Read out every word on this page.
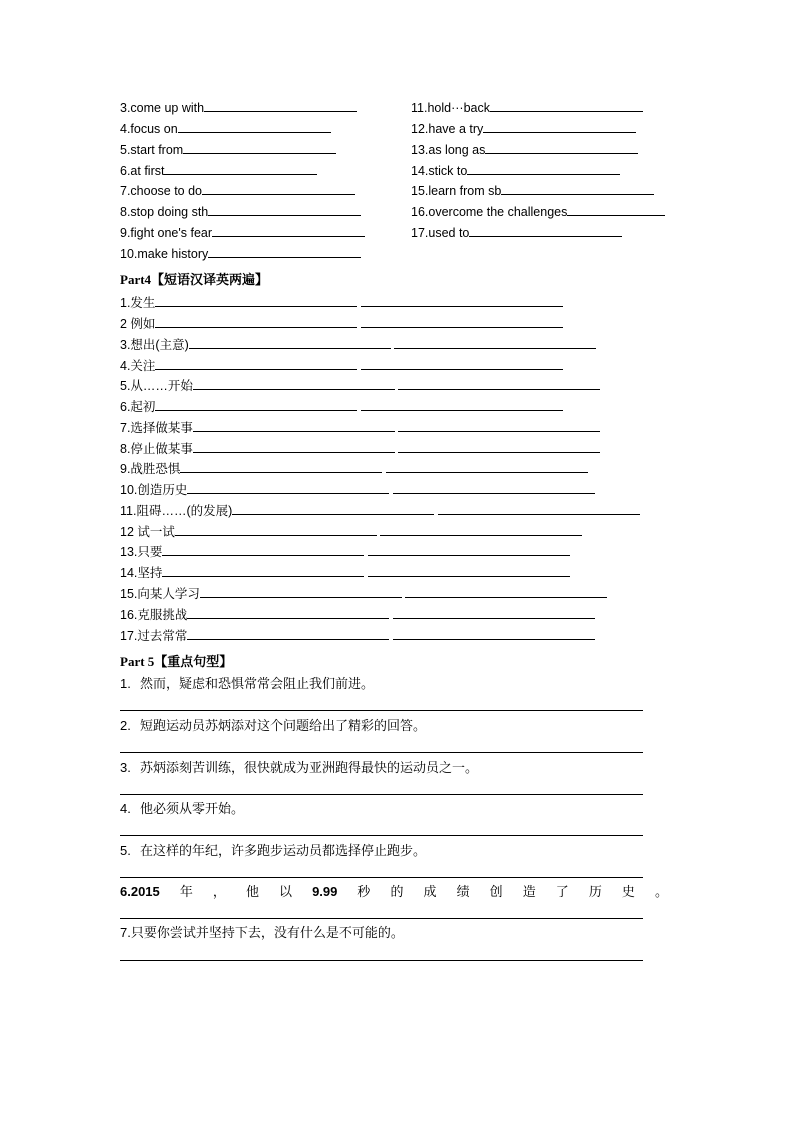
3.come up with
4.focus on
5.start from
6.at first
7.choose to do
8.stop doing sth
9.fight one's fear
10.make history
11.hold···back
12.have a try
13.as long as
14.stick to
15.learn from sb
16.overcome the challenges
17.used to
Part4【短语汉译英两遍】
1.发生
2 例如
3.想出(主意)
4.关注
5.从……开始
6.起初
7.选择做某事
8.停止做某事
9.战胜恐惧
10.创造历史
11.阻碍……(的发展)
12 试一试
13.只要
14.坚持
15.向某人学习
16.克服挑战
17.过去常常
Part 5【重点句型】
1. 然而，疑虑和恐惧常常会阻止我们前进。
2. 短跑运动员苏炳添对这个问题给出了精彩的回答。
3. 苏炳添刻苦训练，很快就成为亚洲跑得最快的运动员之一。
4. 他必须从零开始。
5. 在这样的年纪，许多跑步运动员都选择停止跑步。
6.2015 年 ， 他 以 9.99 秒 的 成 绩 创 造 了 历 史 。
7.只要你尝试并坚持下去，没有什么是不可能的。
